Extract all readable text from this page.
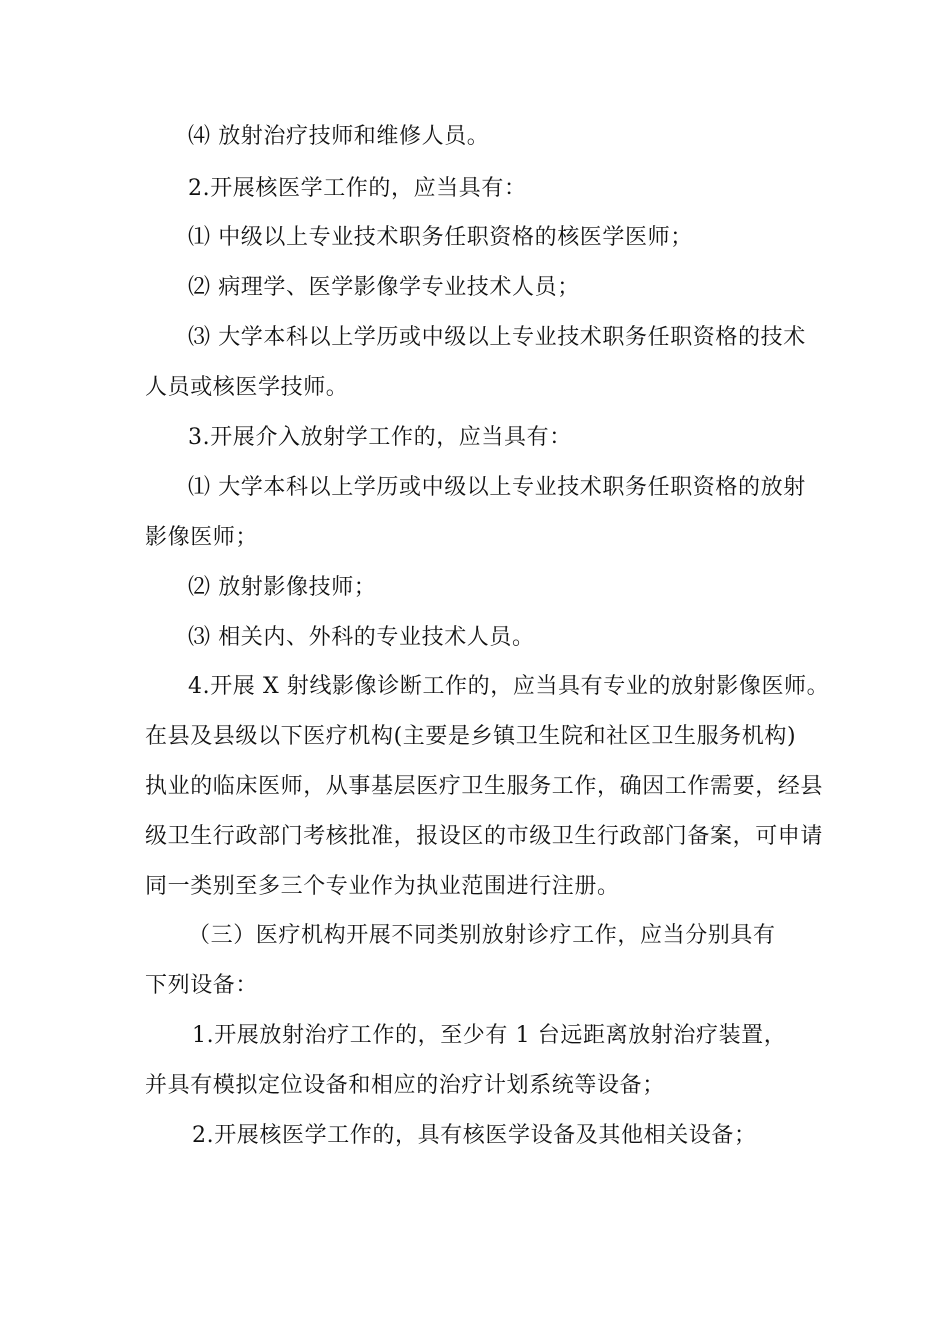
⑷ 放射治疗技师和维修人员。
2.开展核医学工作的，应当具有：
⑴ 中级以上专业技术职务任职资格的核医学医师；
⑵ 病理学、医学影像学专业技术人员；
⑶ 大学本科以上学历或中级以上专业技术职务任职资格的技术
人员或核医学技师。
3.开展介入放射学工作的，应当具有：
⑴ 大学本科以上学历或中级以上专业技术职务任职资格的放射
影像医师；
⑵ 放射影像技师；
⑶ 相关内、外科的专业技术人员。
4.开展 X 射线影像诊断工作的，应当具有专业的放射影像医师。
在县及县级以下医疗机构(主要是乡镇卫生院和社区卫生服务机构)
执业的临床医师，从事基层医疗卫生服务工作，确因工作需要，经县
级卫生行政部门考核批准，报设区的市级卫生行政部门备案，可申请
同一类别至多三个专业作为执业范围进行注册。
（三）医疗机构开展不同类别放射诊疗工作，应当分别具有
下列设备：
1.开展放射治疗工作的，至少有 1 台远距离放射治疗装置，
并具有模拟定位设备和相应的治疗计划系统等设备；
2.开展核医学工作的，具有核医学设备及其他相关设备；
